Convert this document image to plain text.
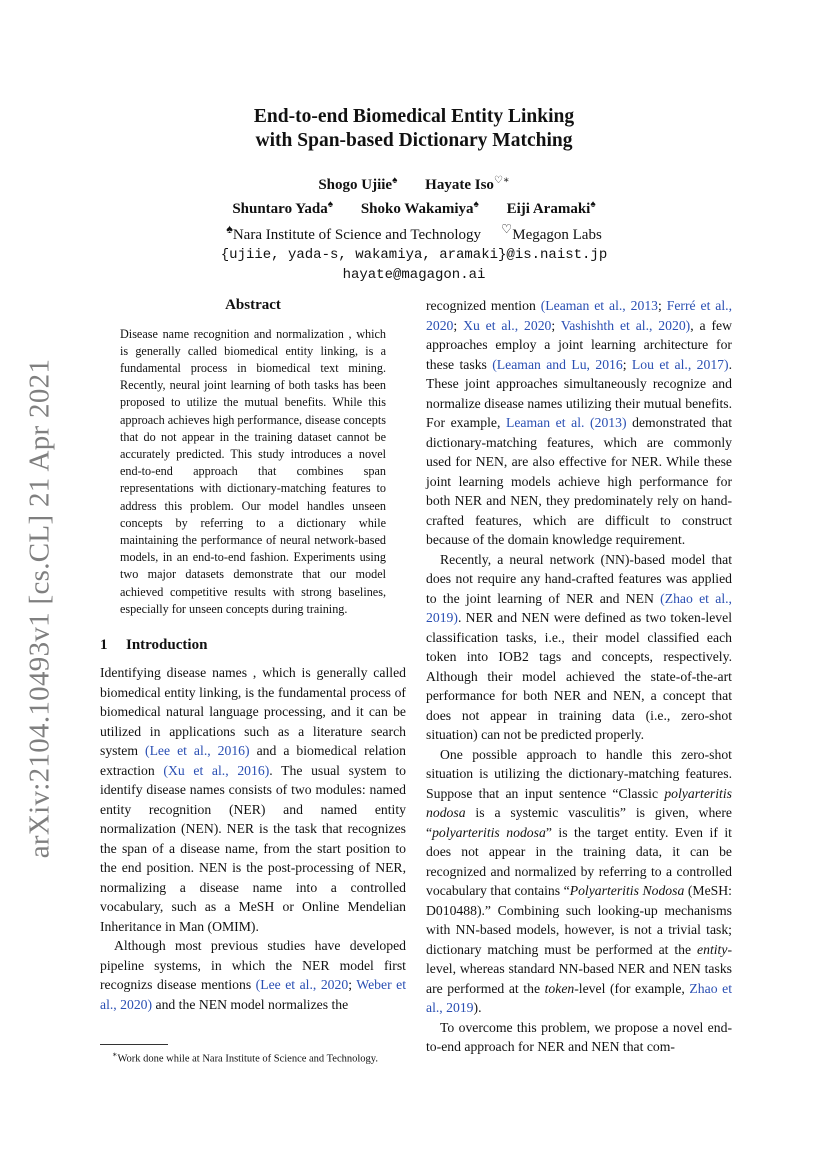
arXiv:2104.10493v1 [cs.CL] 21 Apr 2021
End-to-end Biomedical Entity Linking
with Span-based Dictionary Matching
Shogo Ujiie♠ Hayate Iso♡∗
Shuntaro Yada♠ Shoko Wakamiya♠ Eiji Aramaki♠
♠Nara Institute of Science and Technology ♡Megagon Labs
{ujiie, yada-s, wakamiya, aramaki}@is.naist.jp
hayate@magagon.ai
Abstract

Disease name recognition and normalization , which is generally called biomedical entity linking, is a fundamental process in biomedical text mining. Recently, neural joint learning of both tasks has been proposed to utilize the mutual benefits. While this approach achieves high performance, disease concepts that do not appear in the training dataset cannot be accurately predicted. This study introduces a novel end-to-end approach that combines span representations with dictionary-matching features to address this problem. Our model handles unseen concepts by referring to a dictionary while maintaining the performance of neural network-based models, in an end-to-end fashion. Experiments using two major datasets demonstrate that our model achieved competitive results with strong baselines, especially for unseen concepts during training.

1 Introduction

Identifying disease names , which is generally called biomedical entity linking, is the fundamental process of biomedical natural language processing, and it can be utilized in applications such as a literature search system (Lee et al., 2016) and a biomedical relation extraction (Xu et al., 2016). The usual system to identify disease names consists of two modules: named entity recognition (NER) and named entity normalization (NEN). NER is the task that recognizes the span of a disease name, from the start position to the end position. NEN is the post-processing of NER, normalizing a disease name into a controlled vocabulary, such as a MeSH or Online Mendelian Inheritance in Man (OMIM).

Although most previous studies have developed pipeline systems, in which the NER model first recognizs disease mentions (Lee et al., 2020; Weber et al., 2020) and the NEN model normalizes the

∗Work done while at Nara Institute of Science and Technology.

recognized mention (Leaman et al., 2013; Ferré et al., 2020; Xu et al., 2020; Vashishth et al., 2020), a few approaches employ a joint learning architecture for these tasks (Leaman and Lu, 2016; Lou et al., 2017). These joint approaches simultaneously recognize and normalize disease names utilizing their mutual benefits. For example, Leaman et al. (2013) demonstrated that dictionary-matching features, which are commonly used for NEN, are also effective for NER. While these joint learning models achieve high performance for both NER and NEN, they predominately rely on hand-crafted features, which are difficult to construct because of the domain knowledge requirement.

Recently, a neural network (NN)-based model that does not require any hand-crafted features was applied to the joint learning of NER and NEN (Zhao et al., 2019). NER and NEN were defined as two token-level classification tasks, i.e., their model classified each token into IOB2 tags and concepts, respectively. Although their model achieved the state-of-the-art performance for both NER and NEN, a concept that does not appear in training data (i.e., zero-shot situation) can not be predicted properly.

One possible approach to handle this zero-shot situation is utilizing the dictionary-matching features. Suppose that an input sentence “Classic polyarteritis nodosa is a systemic vasculitis” is given, where “polyarteritis nodosa” is the target entity. Even if it does not appear in the training data, it can be recognized and normalized by referring to a controlled vocabulary that contains “Polyarteritis Nodosa (MeSH: D010488).” Combining such looking-up mechanisms with NN-based models, however, is not a trivial task; dictionary matching must be performed at the entity-level, whereas standard NN-based NER and NEN tasks are performed at the token-level (for example, Zhao et al., 2019).

To overcome this problem, we propose a novel end-to-end approach for NER and NEN that com-
